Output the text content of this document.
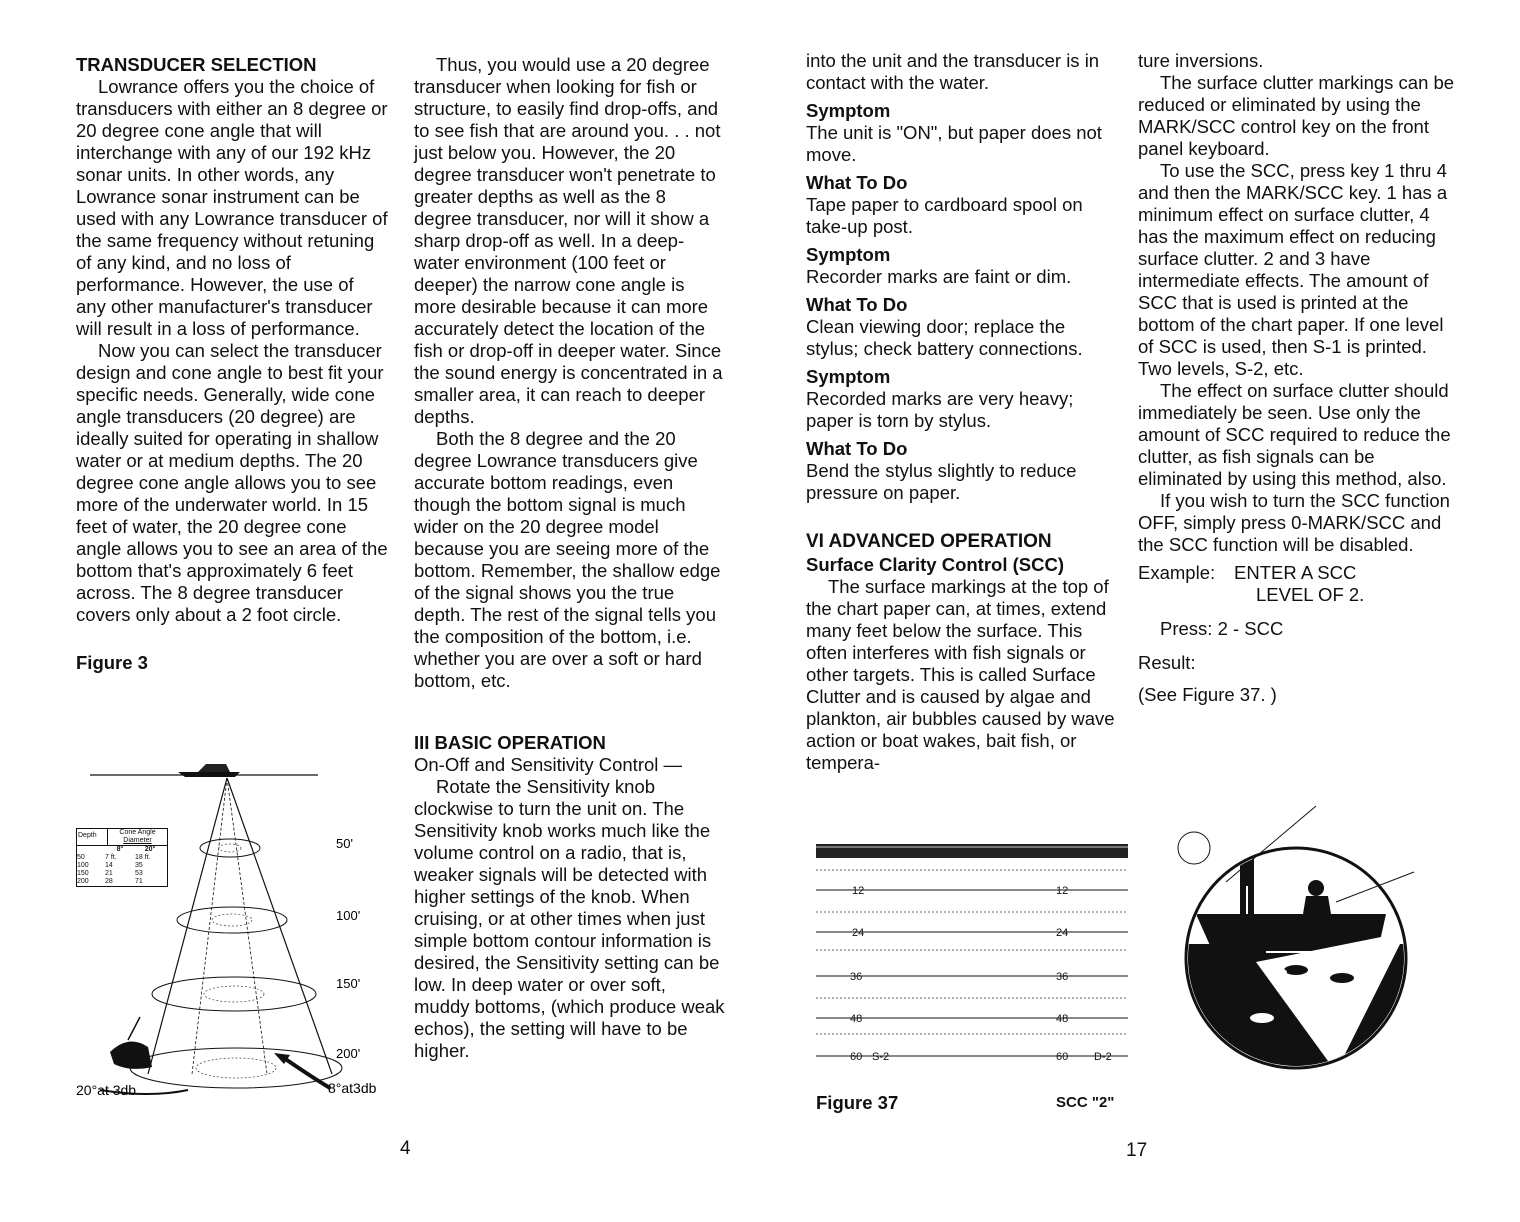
TRANSDUCER SELECTION

Lowrance offers you the choice of transducers with either an 8 degree or 20 degree cone angle that will interchange with any of our 192 kHz sonar units. In other words, any Lowrance sonar instrument can be used with any Lowrance transducer of the same frequency without retuning of any kind, and no loss of performance. However, the use of any other manufacturer's transducer will result in a loss of performance.

Now you can select the transducer design and cone angle to best fit your specific needs. Generally, wide cone angle transducers (20 degree) are ideally suited for operating in shallow water or at medium depths. The 20 degree cone angle allows you to see more of the underwater world. In 15 feet of water, the 20 degree cone angle allows you to see an area of the bottom that's approximately 6 feet across. The 8 degree transducer covers only about a 2 foot circle.

Figure 3

50'
100'
150'
200'
20°at 3db	8°at3db
Depth	Cone Angle
Diameter
8°	20°
50	7 ft.	18 ft.
100	14	35
150	21	53
200	28	71

Thus, you would use a 20 degree transducer when looking for fish or structure, to easily find drop-offs, and to see fish that are around you. . . not just below you. However, the 20 degree transducer won't penetrate to greater depths as well as the 8 degree transducer, nor will it show a sharp drop-off as well. In a deep-water environment (100 feet or deeper) the narrow cone angle is more desirable because it can more accurately detect the location of the fish or drop-off in deeper water. Since the sound energy is concentrated in a smaller area, it can reach to deeper depths.

Both the 8 degree and the 20 degree Lowrance transducers give accurate bottom readings, even though the bottom signal is much wider on the 20 degree model because you are seeing more of the bottom. Remember, the shallow edge of the signal shows you the true depth. The rest of the signal tells you the composition of the bottom, i.e. whether you are over a soft or hard bottom, etc.

III BASIC OPERATION

On-Off and Sensitivity Control —

Rotate the Sensitivity knob clockwise to turn the unit on. The Sensitivity knob works much like the volume control on a radio, that is, weaker signals will be detected with higher settings of the knob. When cruising, or at other times when just simple bottom contour information is desired, the Sensitivity setting can be low. In deep water or over soft, muddy bottoms, (which produce weak echos), the setting will have to be higher.

4

into the unit and the transducer is in contact with the water.

Symptom

The unit is "ON", but paper does not move.

What To Do

Tape paper to cardboard spool on take-up post.

Symptom

Recorder marks are faint or dim.

What To Do

Clean viewing door; replace the stylus; check battery connections.

Symptom

Recorded marks are very heavy; paper is torn by stylus.

What To Do

Bend the stylus slightly to reduce pressure on paper.

VI ADVANCED OPERATION

Surface Clarity Control (SCC)

The surface markings at the top of the chart paper can, at times, extend many feet below the surface. This often interferes with fish signals or other targets. This is called Surface Clutter and is caused by algae and plankton, air bubbles caused by wave action or boat wakes, bait fish, or tempera-

12	12
24	24
36	36
48	48
60 S-2	60 D-2
Figure 37	SCC "2"

ture inversions.

The surface clutter markings can be reduced or eliminated by using the MARK/SCC control key on the front panel keyboard.

To use the SCC, press key 1 thru 4 and then the MARK/SCC key. 1 has a minimum effect on surface clutter, 4 has the maximum effect on reducing surface clutter. 2 and 3 have intermediate effects. The amount of SCC that is used is printed at the bottom of the chart paper. If one level of SCC is used, then S-1 is printed. Two levels, S-2, etc.

The effect on surface clutter should immediately be seen. Use only the amount of SCC required to reduce the clutter, as fish signals can be eliminated by using this method, also.

If you wish to turn the SCC function OFF, simply press 0-MARK/SCC and the SCC function will be disabled.

Example:	ENTER A SCC
LEVEL OF 2.

Press: 2 - SCC

Result:

(See Figure 37. )

17
